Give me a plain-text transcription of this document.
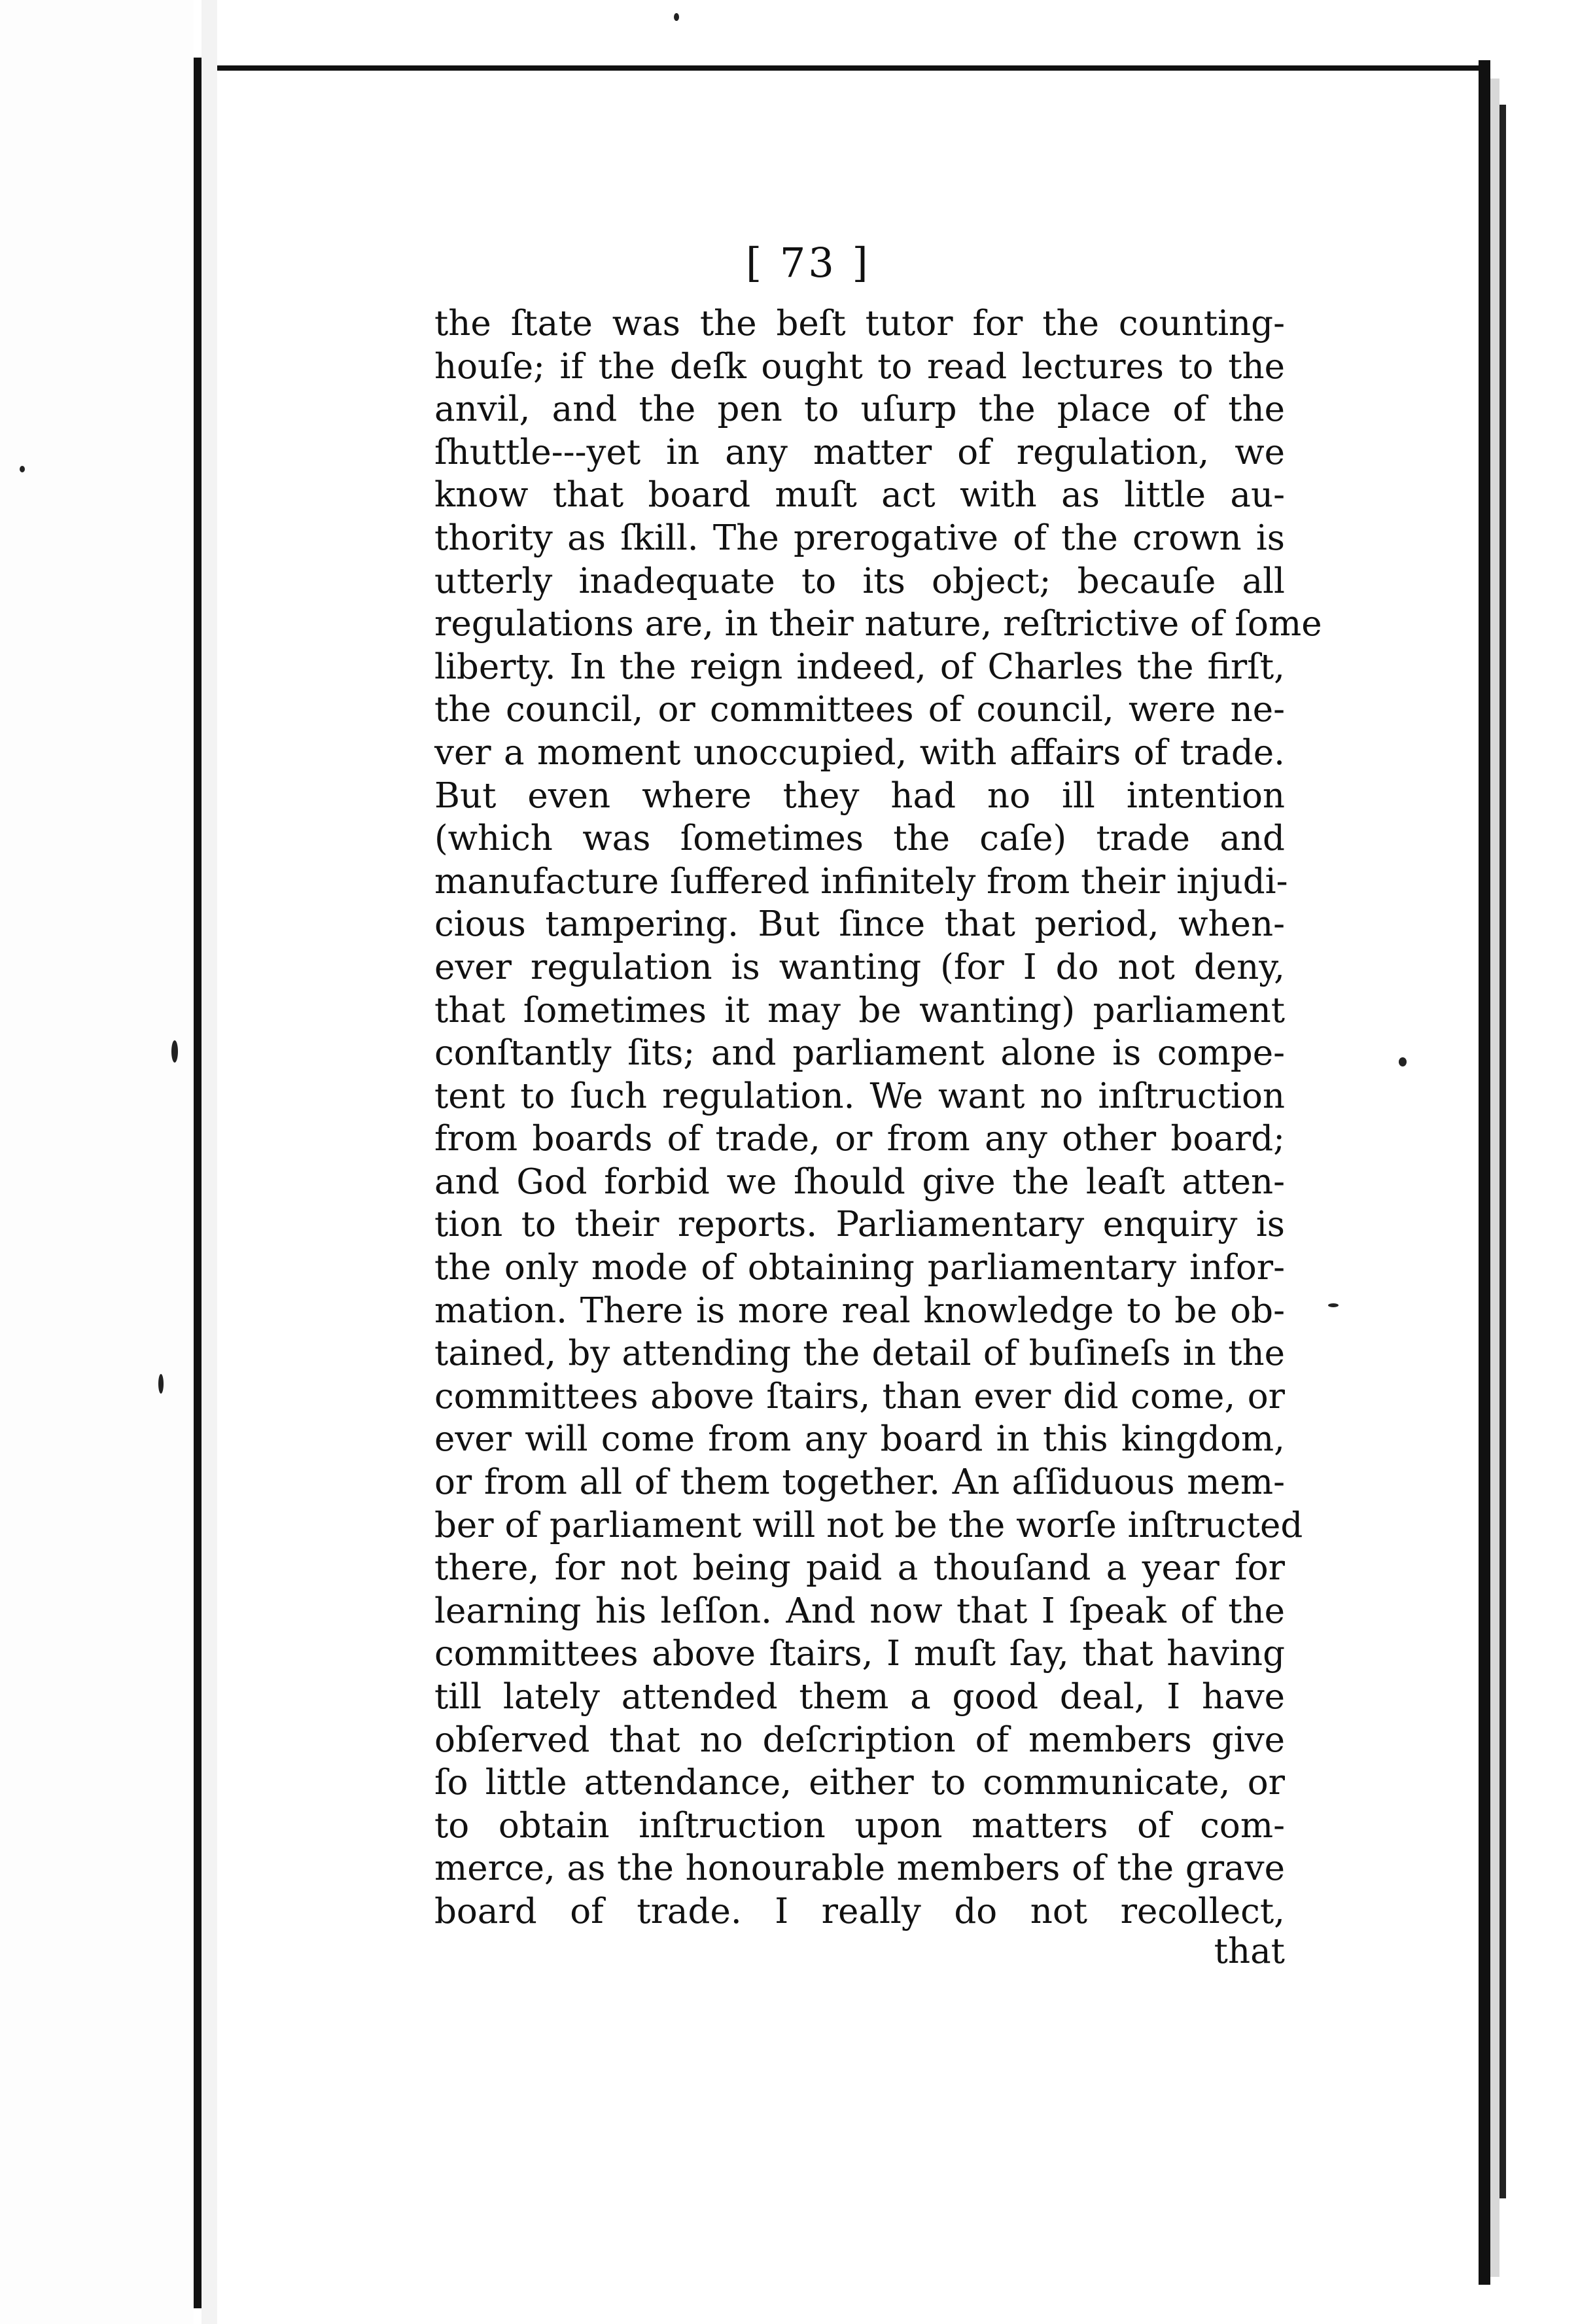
[ 73 ]
the ſtate was the beſt tutor for the counting-
houſe; if the deſk ought to read lectures to the
anvil, and the pen to uſurp the place of the
ſhuttle---yet in any matter of regulation, we
know that board muſt act with as little au-
thority as ſkill. The prerogative of the crown is
utterly inadequate to its object; becauſe all
regulations are, in their nature, reſtrictive of ſome
liberty. In the reign indeed, of Charles the firſt,
the council, or committees of council, were ne-
ver a moment unoccupied, with affairs of trade.
But even where they had no ill intention
(which was ſometimes the caſe) trade and
manufacture ſuffered infinitely from their injudi-
cious tampering. But ſince that period, when-
ever regulation is wanting (for I do not deny,
that ſometimes it may be wanting) parliament
conſtantly ſits; and parliament alone is compe-
tent to ſuch regulation. We want no inſtruction
from boards of trade, or from any other board;
and God forbid we ſhould give the leaſt atten-
tion to their reports. Parliamentary enquiry is
the only mode of obtaining parliamentary infor-
mation. There is more real knowledge to be ob-
tained, by attending the detail of buſineſs in the
committees above ſtairs, than ever did come, or
ever will come from any board in this kingdom,
or from all of them together. An aſſiduous mem-
ber of parliament will not be the worſe inſtructed
there, for not being paid a thouſand a year for
learning his leſſon. And now that I ſpeak of the
committees above ſtairs, I muſt ſay, that having
till lately attended them a good deal, I have
obſerved that no deſcription of members give
ſo little attendance, either to communicate, or
to obtain inſtruction upon matters of com-
merce, as the honourable members of the grave
board of trade. I really do not recollect,
that
